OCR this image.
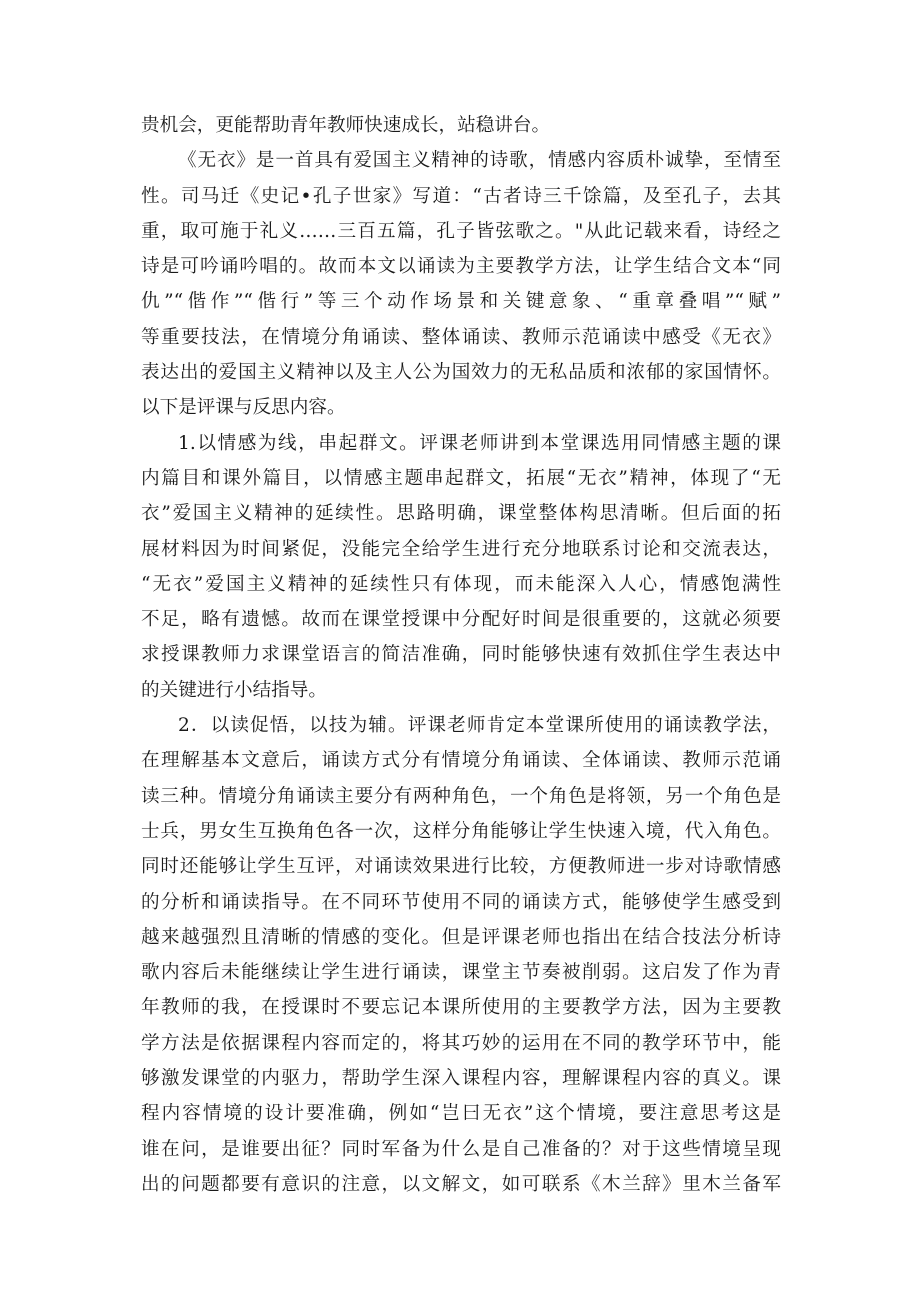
贵机会，更能帮助青年教师快速成长，站稳讲台。
《无衣》是一首具有爱国主义精神的诗歌，情感内容质朴诚挚，至情至
性。司马迁《史记•孔子世家》写道：“古者诗三千馀篇，及至孔子，去其
重，取可施于礼义……三百五篇，孔子皆弦歌之。"从此记载来看，诗经之
诗是可吟诵吟唱的。故而本文以诵读为主要教学方法，让学生结合文本“同
仇”“偕作”“偕行”等三个动作场景和关键意象、“重章叠唱”“赋”
等重要技法，在情境分角诵读、整体诵读、教师示范诵读中感受《无衣》
表达出的爱国主义精神以及主人公为国效力的无私品质和浓郁的家国情怀。
以下是评课与反思内容。
1.以情感为线，串起群文。评课老师讲到本堂课选用同情感主题的课
内篇目和课外篇目，以情感主题串起群文，拓展“无衣”精神，体现了“无
衣”爱国主义精神的延续性。思路明确，课堂整体构思清晰。但后面的拓
展材料因为时间紧促，没能完全给学生进行充分地联系讨论和交流表达，
“无衣”爱国主义精神的延续性只有体现，而未能深入人心，情感饱满性
不足，略有遗憾。故而在课堂授课中分配好时间是很重要的，这就必须要
求授课教师力求课堂语言的简洁准确，同时能够快速有效抓住学生表达中
的关键进行小结指导。
2．以读促悟，以技为辅。评课老师肯定本堂课所使用的诵读教学法，
在理解基本文意后，诵读方式分有情境分角诵读、全体诵读、教师示范诵
读三种。情境分角诵读主要分有两种角色，一个角色是将领，另一个角色是
士兵，男女生互换角色各一次，这样分角能够让学生快速入境，代入角色。
同时还能够让学生互评，对诵读效果进行比较，方便教师进一步对诗歌情感
的分析和诵读指导。在不同环节使用不同的诵读方式，能够使学生感受到
越来越强烈且清晰的情感的变化。但是评课老师也指出在结合技法分析诗
歌内容后未能继续让学生进行诵读，课堂主节奏被削弱。这启发了作为青
年教师的我，在授课时不要忘记本课所使用的主要教学方法，因为主要教
学方法是依据课程内容而定的，将其巧妙的运用在不同的教学环节中，能
够激发课堂的内驱力，帮助学生深入课程内容，理解课程内容的真义。课
程内容情境的设计要准确，例如“岂曰无衣”这个情境，要注意思考这是
谁在问，是谁要出征？同时军备为什么是自己准备的？对于这些情境呈现
出的问题都要有意识的注意，以文解文，如可联系《木兰辞》里木兰备军
